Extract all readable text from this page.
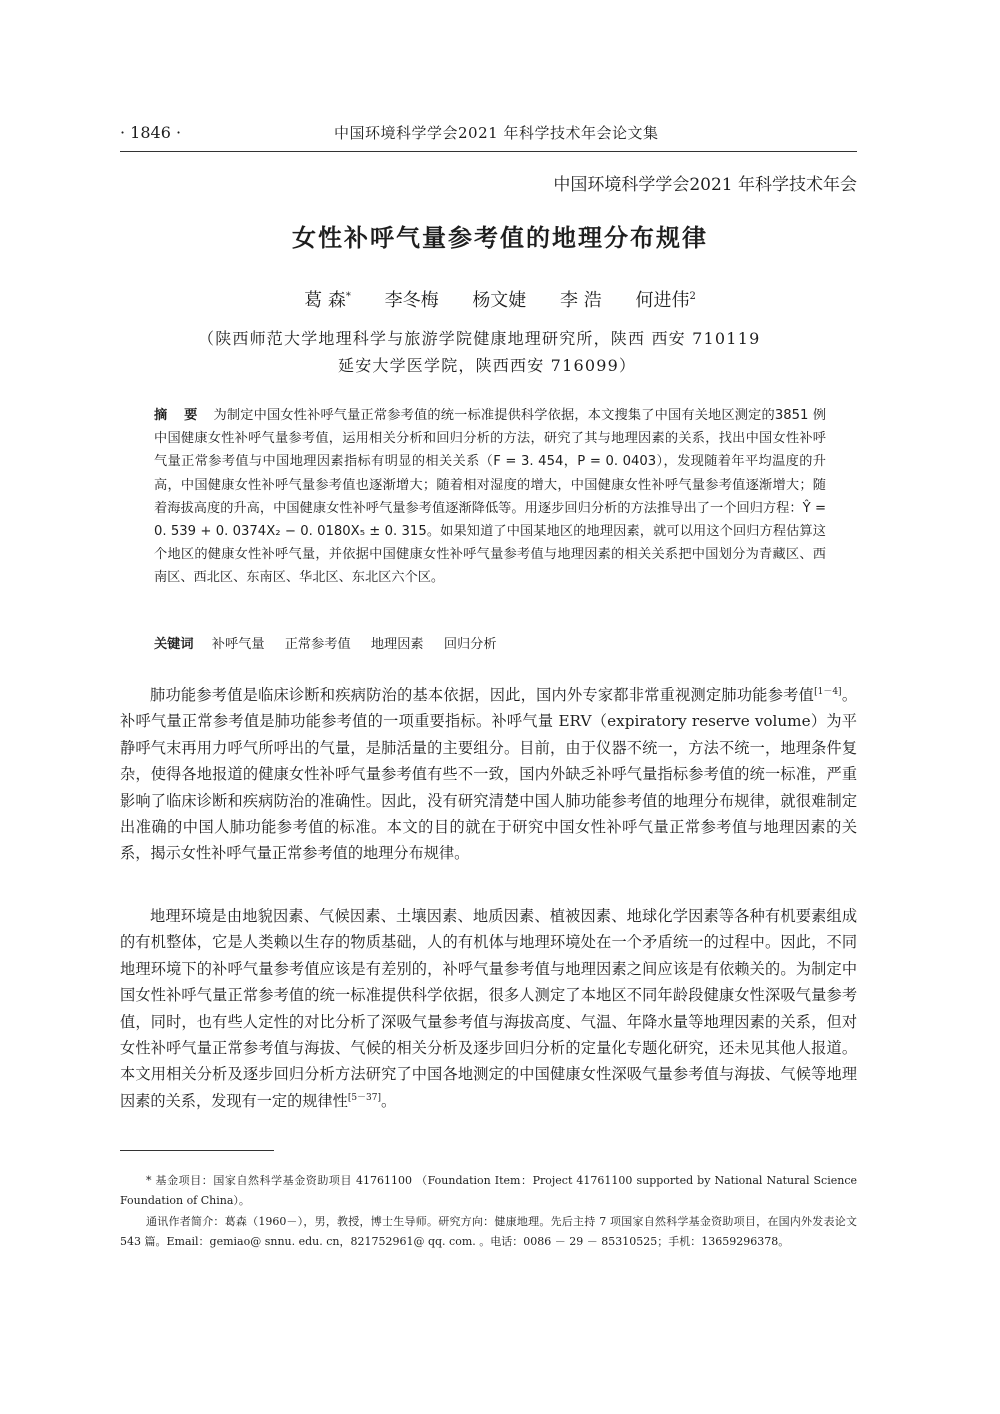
· 1846 ·	中国环境科学学会2021 年科学技术年会论文集
中国环境科学学会2021 年科学技术年会
女性补呼气量参考值的地理分布规律
葛 森* 李冬梅 杨文婕 李 浩 何进伟$^2$
（陕西师范大学地理科学与旅游学院健康地理研究所，陕西 西安 710119
延安大学医学院，陕西西安 716099）
摘 要 为制定中国女性补呼气量正常参考值的统一标准提供科学依据，本文搜集了中国有关地区测定的3851 例中国健康女性补呼气量参考值，运用相关分析和回归分析的方法，研究了其与地理因素的关系，找出中国女性补呼气量正常参考值与中国地理因素指标有明显的相关关系（F = 3. 454，P = 0. 0403），发现随着年平均温度的升高，中国健康女性补呼气量参考值也逐渐增大；随着相对湿度的增大，中国健康女性补呼气量参考值逐渐增大；随着海拔高度的升高，中国健康女性补呼气量参考值逐渐降低等。用逐步回归分析的方法推导出了一个回归方程：Ŷ = 0. 539 + 0. 0374X₂ − 0. 0180X₅ ± 0. 315。如果知道了中国某地区的地理因素，就可以用这个回归方程估算这个地区的健康女性补呼气量，并依据中国健康女性补呼气量参考值与地理因素的相关关系把中国划分为青藏区、西南区、西北区、东南区、华北区、东北区六个区。
关键词 补呼气量 正常参考值 地理因素 回归分析
肺功能参考值是临床诊断和疾病防治的基本依据，因此，国内外专家都非常重视测定肺功能参考值[1－4]。补呼气量正常参考值是肺功能参考值的一项重要指标。补呼气量 ERV（expiratory reserve volume）为平静呼气末再用力呼气所呼出的气量，是肺活量的主要组分。目前，由于仪器不统一，方法不统一，地理条件复杂，使得各地报道的健康女性补呼气量参考值有些不一致，国内外缺乏补呼气量指标参考值的统一标准，严重影响了临床诊断和疾病防治的准确性。因此，没有研究清楚中国人肺功能参考值的地理分布规律，就很难制定出准确的中国人肺功能参考值的标准。本文的目的就在于研究中国女性补呼气量正常参考值与地理因素的关系，揭示女性补呼气量正常参考值的地理分布规律。
地理环境是由地貌因素、气候因素、土壤因素、地质因素、植被因素、地球化学因素等各种有机要素组成的有机整体，它是人类赖以生存的物质基础，人的有机体与地理环境处在一个矛盾统一的过程中。因此，不同地理环境下的补呼气量参考值应该是有差别的，补呼气量参考值与地理因素之间应该是有依赖关的。为制定中国女性补呼气量正常参考值的统一标准提供科学依据，很多人测定了本地区不同年龄段健康女性深吸气量参考值，同时，也有些人定性的对比分析了深吸气量参考值与海拔高度、气温、年降水量等地理因素的关系，但对女性补呼气量正常参考值与海拔、气候的相关分析及逐步回归分析的定量化专题化研究，还未见其他人报道。本文用相关分析及逐步回归分析方法研究了中国各地测定的中国健康女性深吸气量参考值与海拔、气候等地理因素的关系，发现有一定的规律性[5－37]。
* 基金项目：国家自然科学基金资助项目 41761100 （Foundation Item：Project 41761100 supported by National Natural Science Foundation of China）。
通讯作者简介：葛森（1960－），男，教授，博士生导师。研究方向：健康地理。先后主持 7 项国家自然科学基金资助项目，在国内外发表论文 543 篇。Email：gemiao@ snnu. edu. cn，821752961@ qq. com. 。电话：0086 － 29 － 85310525；手机：13659296378。
